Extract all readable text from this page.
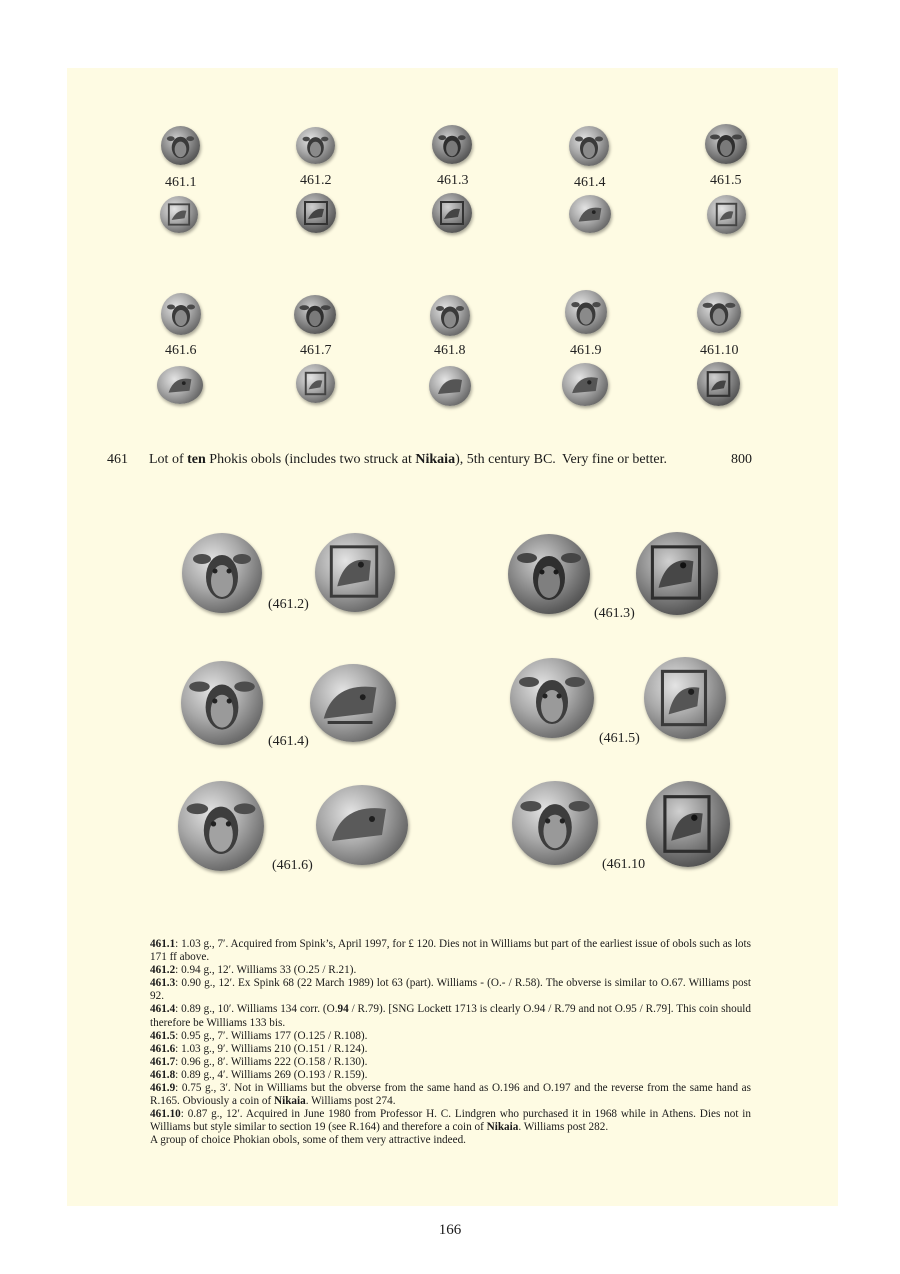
461.1	461.2	461.3	461.4	461.5
461.6	461.7	461.8	461.9	461.10
461 Lot of ten Phokis obols (includes two struck at Nikaia), 5th century BC. Very fine or better.	800
(461.2)
(461.3)
(461.4)	(461.5)
(461.6)	(461.10

461.1: 1.03 g., 7′. Acquired from Spink’s, April 1997, for £ 120. Dies not in Williams but part of the earliest issue of obols such as lots 171 ff above.

461.2: 0.94 g., 12′. Williams 33 (O.25 / R.21).

461.3: 0.90 g., 12′. Ex Spink 68 (22 March 1989) lot 63 (part). Williams - (O.- / R.58). The obverse is similar to O.67. Williams post 92.

461.4: 0.89 g., 10′. Williams 134 corr. (O.94 / R.79). [SNG Lockett 1713 is clearly O.94 / R.79 and not O.95 / R.79]. This coin should therefore be Williams 133 bis.

461.5: 0.95 g., 7′. Williams 177 (O.125 / R.108).

461.6: 1.03 g., 9′. Williams 210 (O.151 / R.124).

461.7: 0.96 g., 8′. Williams 222 (O.158 / R.130).

461.8: 0.89 g., 4′. Williams 269 (O.193 / R.159).

461.9: 0.75 g., 3′. Not in Williams but the obverse from the same hand as O.196 and O.197 and the reverse from the same hand as R.165. Obviously a coin of Nikaia. Williams post 274.

461.10: 0.87 g., 12′. Acquired in June 1980 from Professor H. C. Lindgren who purchased it in 1968 while in Athens. Dies not in Williams but style similar to section 19 (see R.164) and therefore a coin of Nikaia. Williams post 282.

A group of choice Phokian obols, some of them very attractive indeed.

166
